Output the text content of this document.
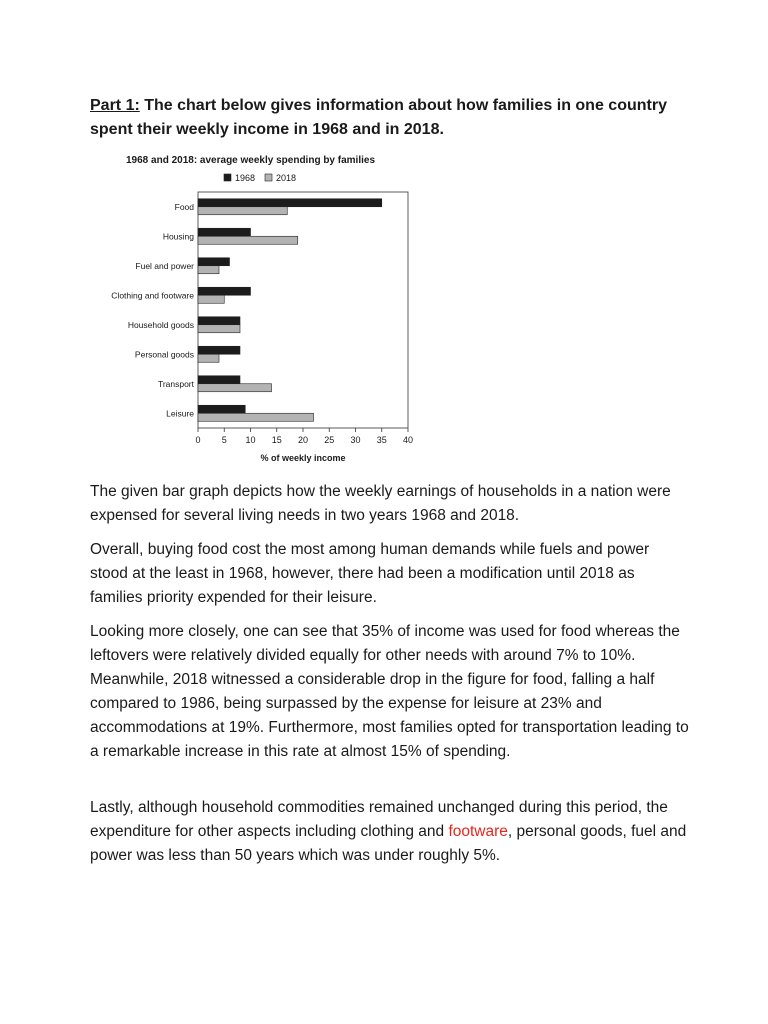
Part 1: The chart below gives information about how families in one country spent their weekly income in 1968 and in 2018.
1968 and 2018: average weekly spending by families
1968 2018
0 5 10 15 20 25 30 35 40
% of weekly income
Food
Housing
Fuel and power
Clothing and footware
Household goods
Personal goods
Transport
Leisure

The given bar graph depicts how the weekly earnings of households in a nation were expensed for several living needs in two years 1968 and 2018.

Overall, buying food cost the most among human demands while fuels and power stood at the least in 1968, however, there had been a modification until 2018 as families priority expended for their leisure.

Looking more closely, one can see that 35% of income was used for food whereas the leftovers were relatively divided equally for other needs with around 7% to 10%. Meanwhile, 2018 witnessed a considerable drop in the figure for food, falling a half compared to 1986, being surpassed by the expense for leisure at 23% and accommodations at 19%. Furthermore, most families opted for transportation leading to a remarkable increase in this rate at almost 15% of spending.

Lastly, although household commodities remained unchanged during this period, the expenditure for other aspects including clothing and footware, personal goods, fuel and power was less than 50 years which was under roughly 5%.
